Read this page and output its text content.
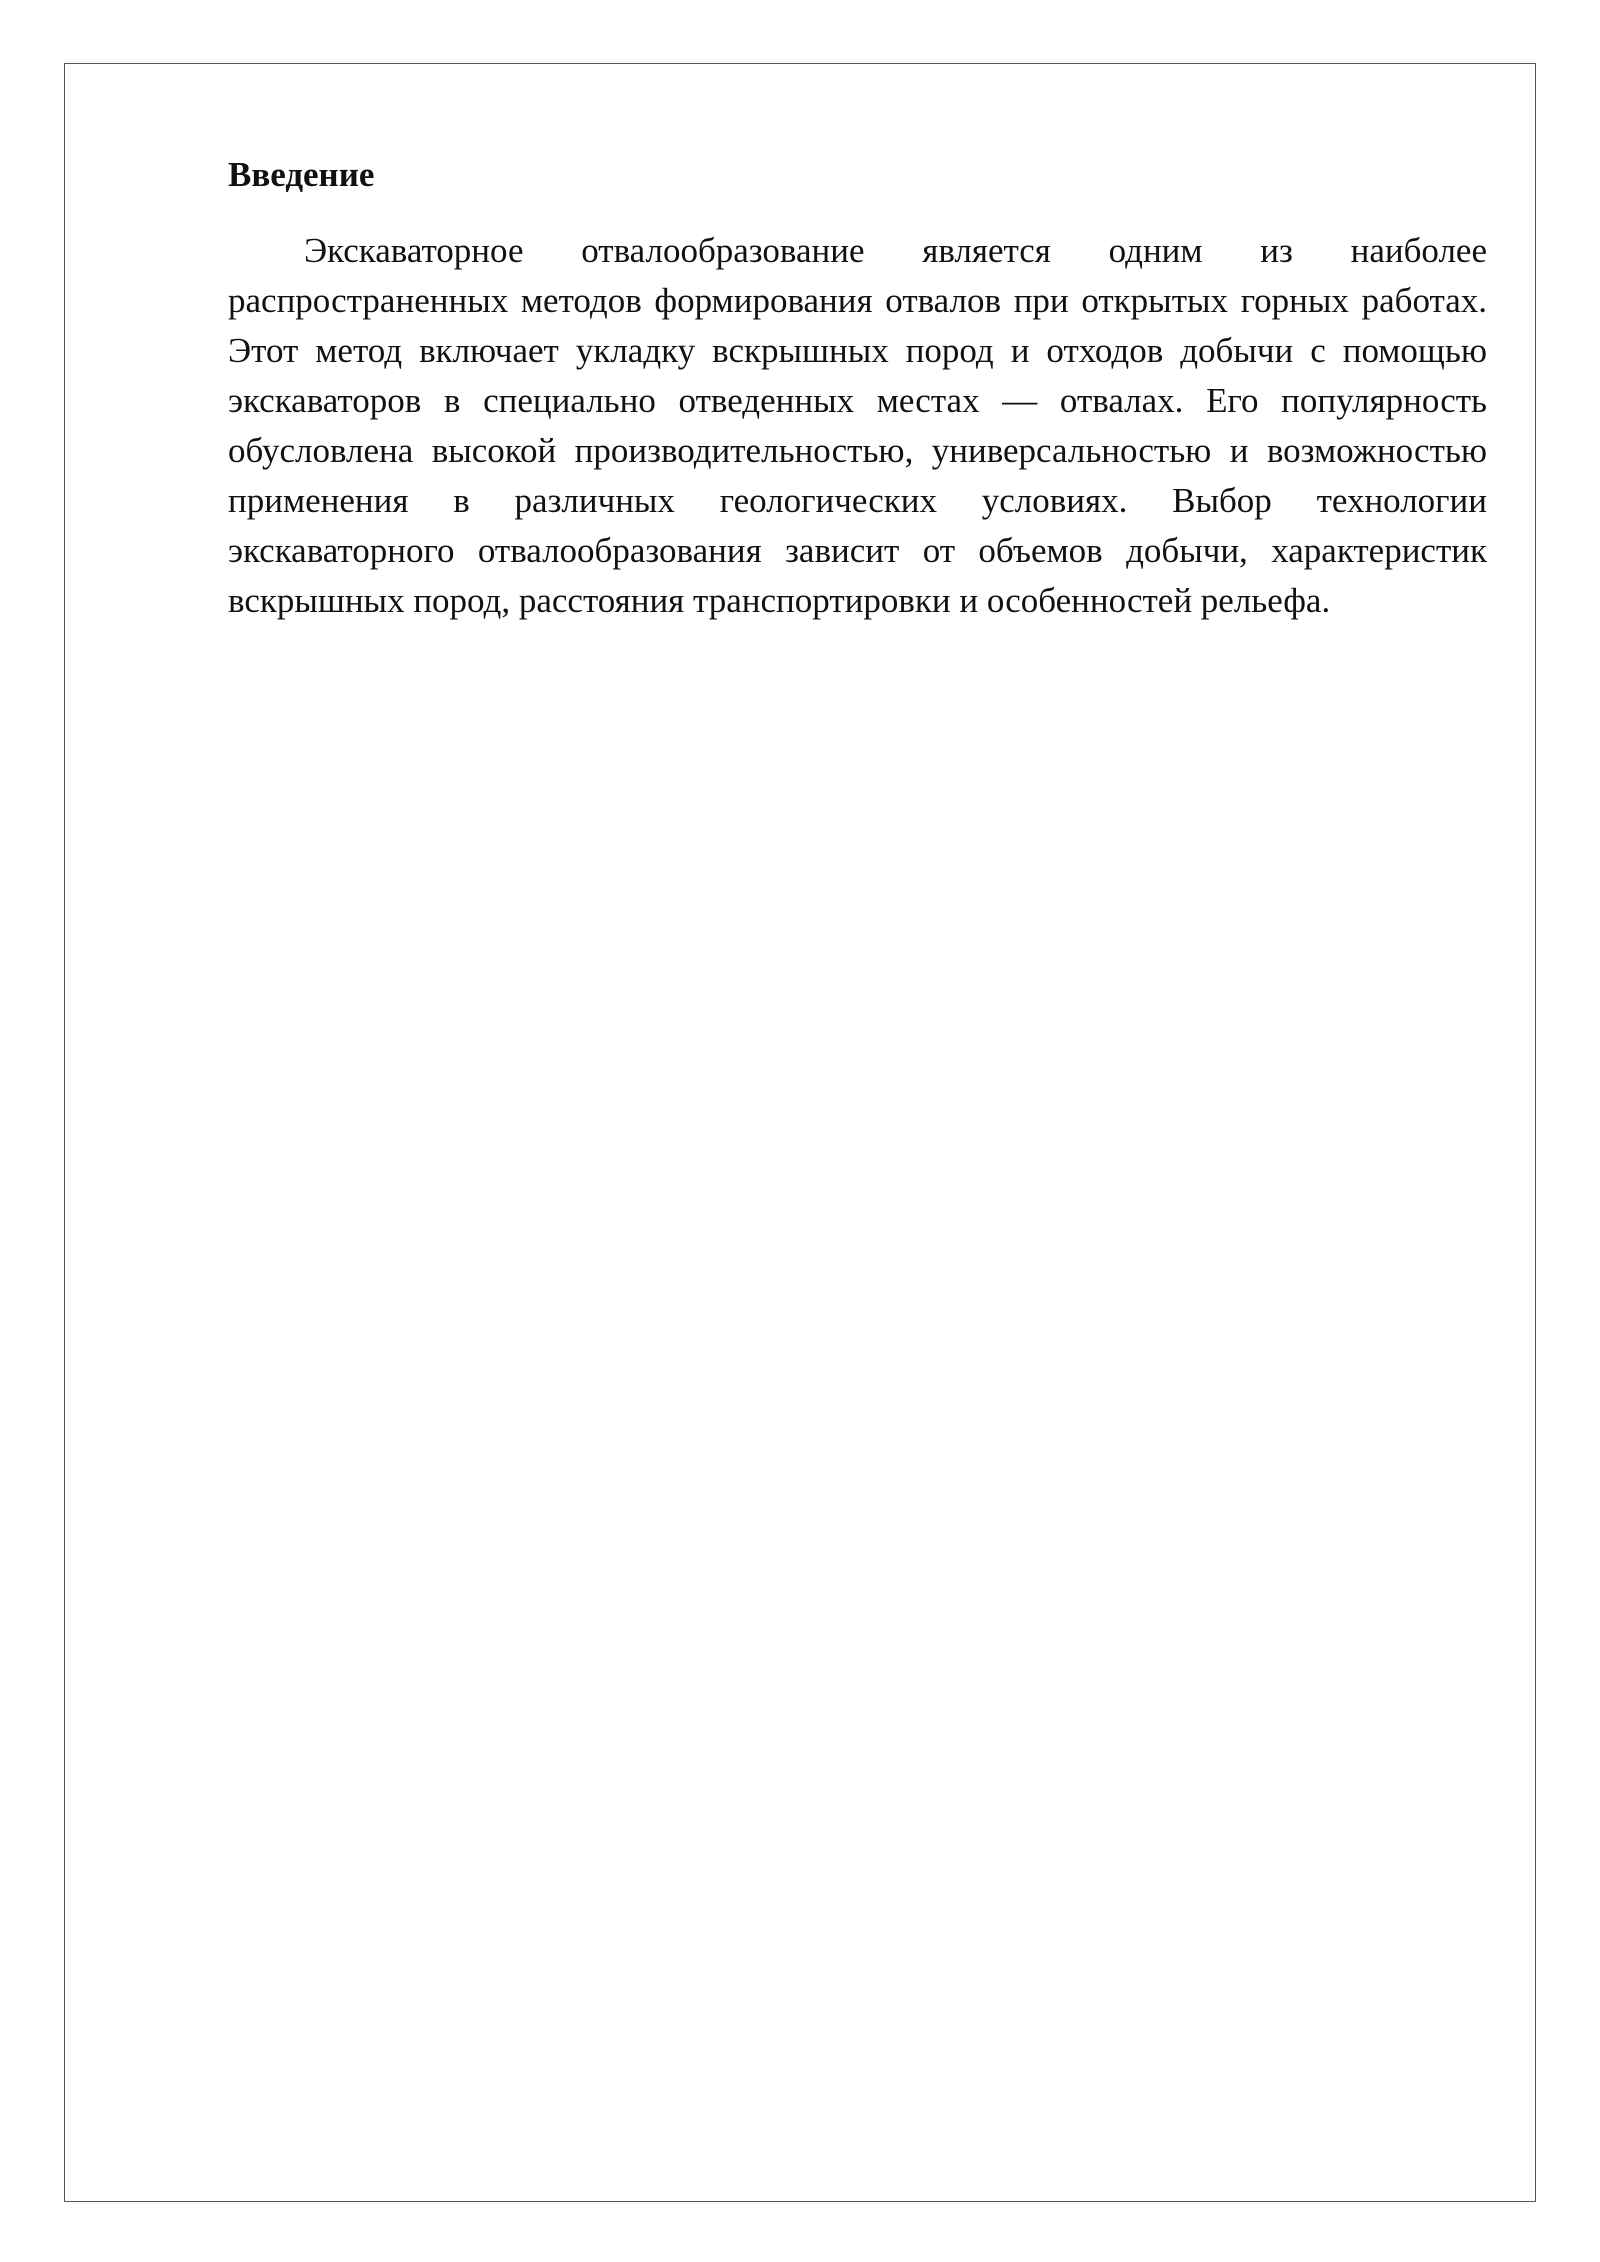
Введение

Экскаваторное отвалообразование является одним из наиболее распространенных методов формирования отвалов при открытых горных работах. Этот метод включает укладку вскрышных пород и отходов добычи с помощью экскаваторов в специально отведенных местах — отвалах. Его популярность обусловлена высокой производительностью, универсальностью и возможностью применения в различных геологических условиях. Выбор технологии экскаваторного отвалообразования зависит от объемов добычи, характеристик вскрышных пород, расстояния транспортировки и особенностей рельефа.
